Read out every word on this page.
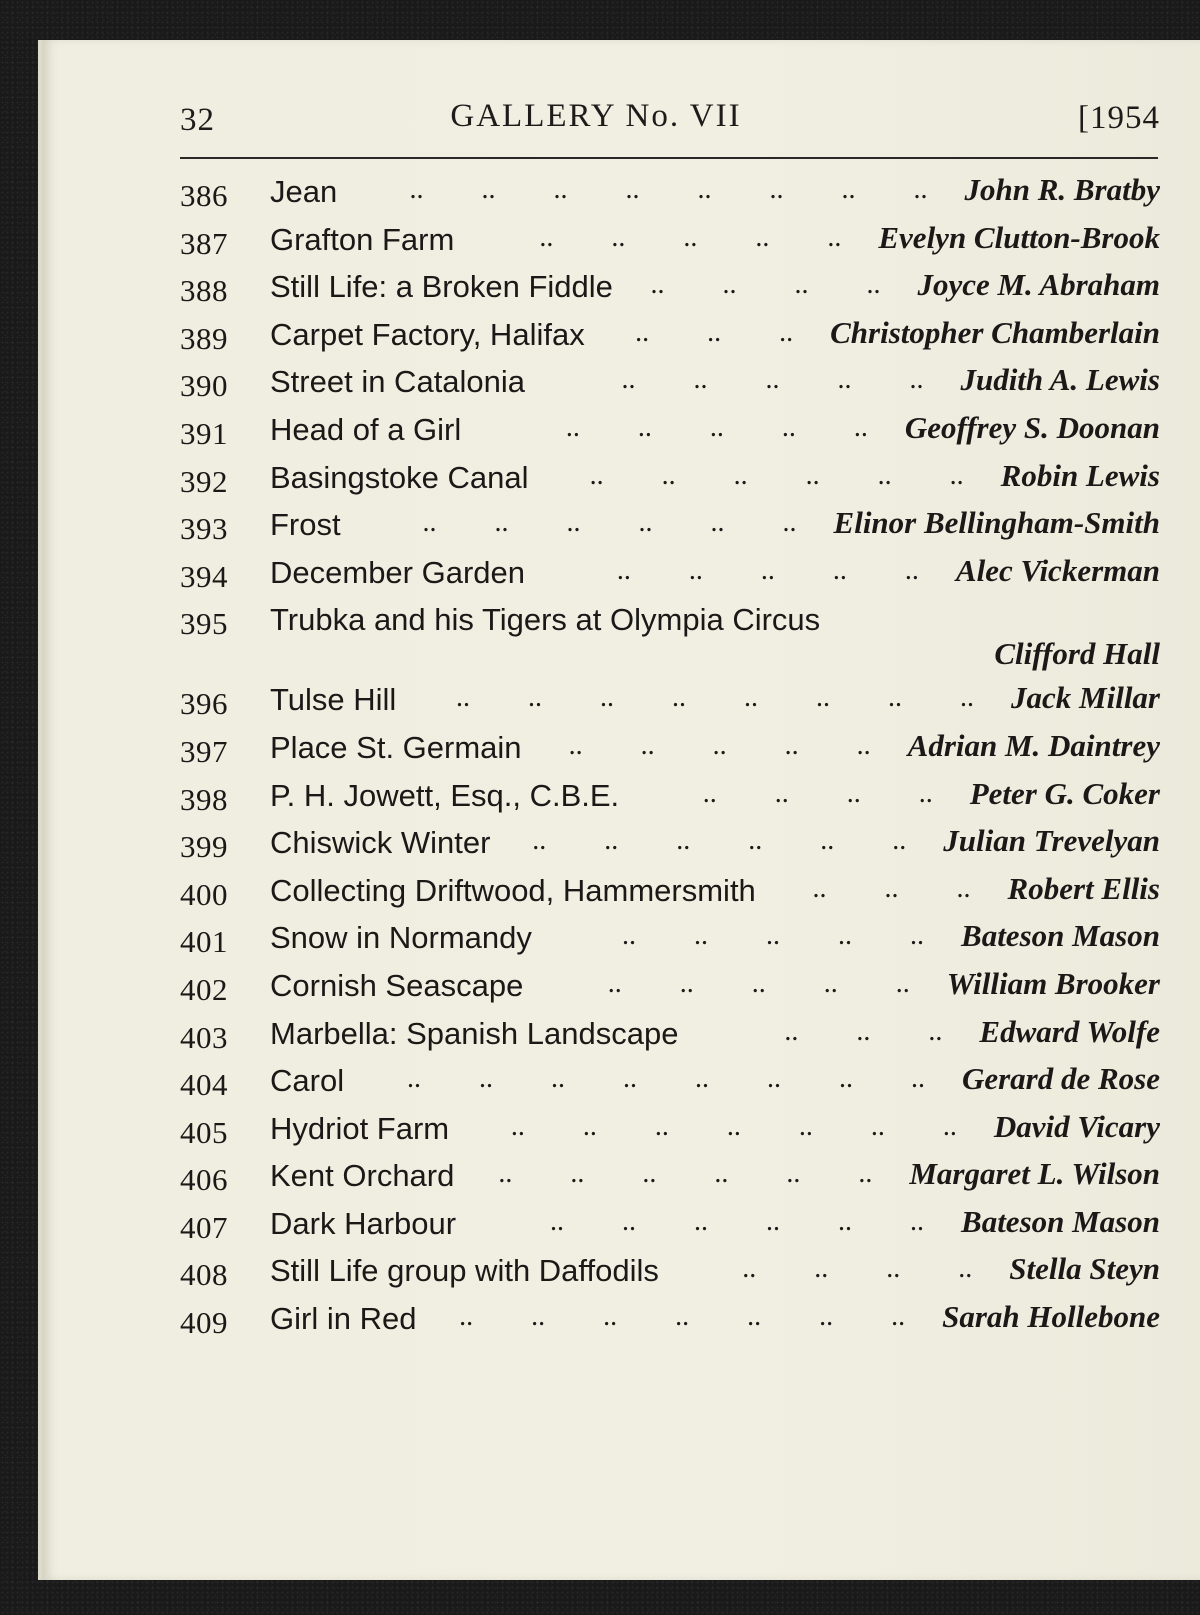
32	GALLERY No. VII	[1954
386 Jean	John R. Bratby
.. .. .. .. .. .. .. ..
387 Grafton Farm	Evelyn Clutton-Brook
.. .. .. .. ..
388 Still Life: a Broken Fiddle	Joyce M. Abraham
.. .. .. ..
389 Carpet Factory, Halifax	Christopher Chamberlain
.. .. ..
390 Street in Catalonia	Judith A. Lewis
.. .. .. .. ..
391 Head of a Girl	Geoffrey S. Doonan
.. .. .. .. ..
392 Basingstoke Canal	Robin Lewis
.. .. .. .. .. ..
393 Frost	Elinor Bellingham-Smith
.. .. .. .. .. ..
394 December Garden	Alec Vickerman
.. .. .. .. ..
395 Trubka and his Tigers at Olympia Circus
Clifford Hall
396 Tulse Hill	Jack Millar
.. .. .. .. .. .. .. ..
397 Place St. Germain	Adrian M. Daintrey
.. .. .. .. ..
398 P. H. Jowett, Esq., C.B.E.	Peter G. Coker
.. .. .. ..
399 Chiswick Winter	Julian Trevelyan
.. .. .. .. .. ..
400 Collecting Driftwood, Hammersmith	Robert Ellis
.. .. ..
401 Snow in Normandy	Bateson Mason
.. .. .. .. ..
402 Cornish Seascape	William Brooker
.. .. .. .. ..
403 Marbella: Spanish Landscape	Edward Wolfe
.. .. ..
404 Carol	Gerard de Rose
.. .. .. .. .. .. .. ..
405 Hydriot Farm	David Vicary
.. .. .. .. .. .. ..
406 Kent Orchard	Margaret L. Wilson
.. .. .. .. .. ..
407 Dark Harbour	Bateson Mason
.. .. .. .. .. ..
408 Still Life group with Daffodils	Stella Steyn
.. .. .. ..
409 Girl in Red	Sarah Hollebone
.. .. .. .. .. .. ..
